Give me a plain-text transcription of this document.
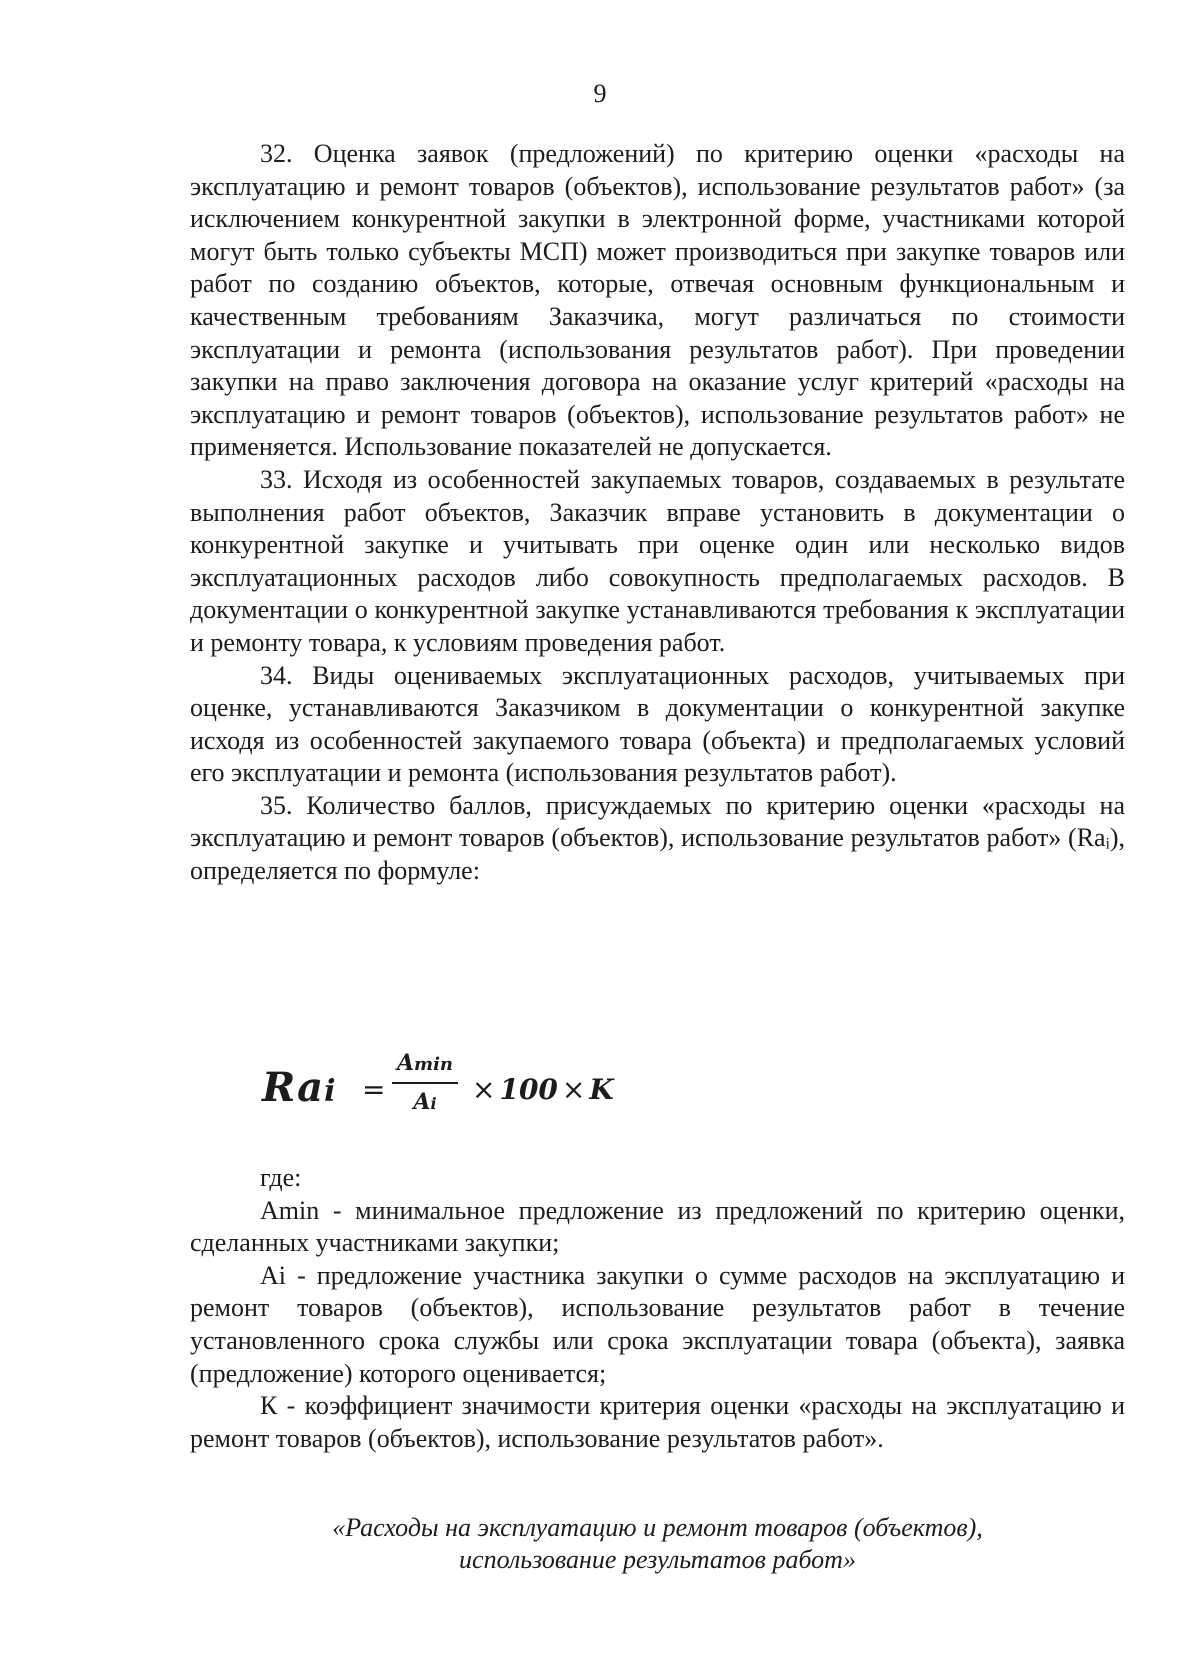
9

32. Оценка заявок (предложений) по критерию оценки «расходы на эксплуатацию и ремонт товаров (объектов), использование результатов работ» (за исключением конкурентной закупки в электронной форме, участниками которой могут быть только субъекты МСП) может производиться при закупке товаров или работ по созданию объектов, которые, отвечая основным функциональным и качественным требованиям Заказчика, могут различаться по стоимости эксплуатации и ремонта (использования результатов работ). При проведении закупки на право заключения договора на оказание услуг критерий «расходы на эксплуатацию и ремонт товаров (объектов), использование результатов работ» не применяется. Использование показателей не допускается.

33. Исходя из особенностей закупаемых товаров, создаваемых в результате выполнения работ объектов, Заказчик вправе установить в документации о конкурентной закупке и учитывать при оценке один или несколько видов эксплуатационных расходов либо совокупность предполагаемых расходов. В документации о конкурентной закупке устанавливаются требования к эксплуатации и ремонту товара, к условиям проведения работ.

34. Виды оцениваемых эксплуатационных расходов, учитываемых при оценке, устанавливаются Заказчиком в документации о конкурентной закупке исходя из особенностей закупаемого товара (объекта) и предполагаемых условий его эксплуатации и ремонта (использования результатов работ).

35. Количество баллов, присуждаемых по критерию оценки «расходы на эксплуатацию и ремонт товаров (объектов), использование результатов работ» (Raᵢ), определяется по формуле:

Rai =
Amin
Ai	× 100 × K

где:

Amin - минимальное предложение из предложений по критерию оценки, сделанных участниками закупки;

Ai - предложение участника закупки о сумме расходов на эксплуатацию и ремонт товаров (объектов), использование результатов работ в течение установленного срока службы или срока эксплуатации товара (объекта), заявка (предложение) которого оценивается;

К - коэффициент значимости критерия оценки «расходы на эксплуатацию и ремонт товаров (объектов), использование результатов работ».

«Расходы на эксплуатацию и ремонт товаров (объектов),
использование результатов работ»
